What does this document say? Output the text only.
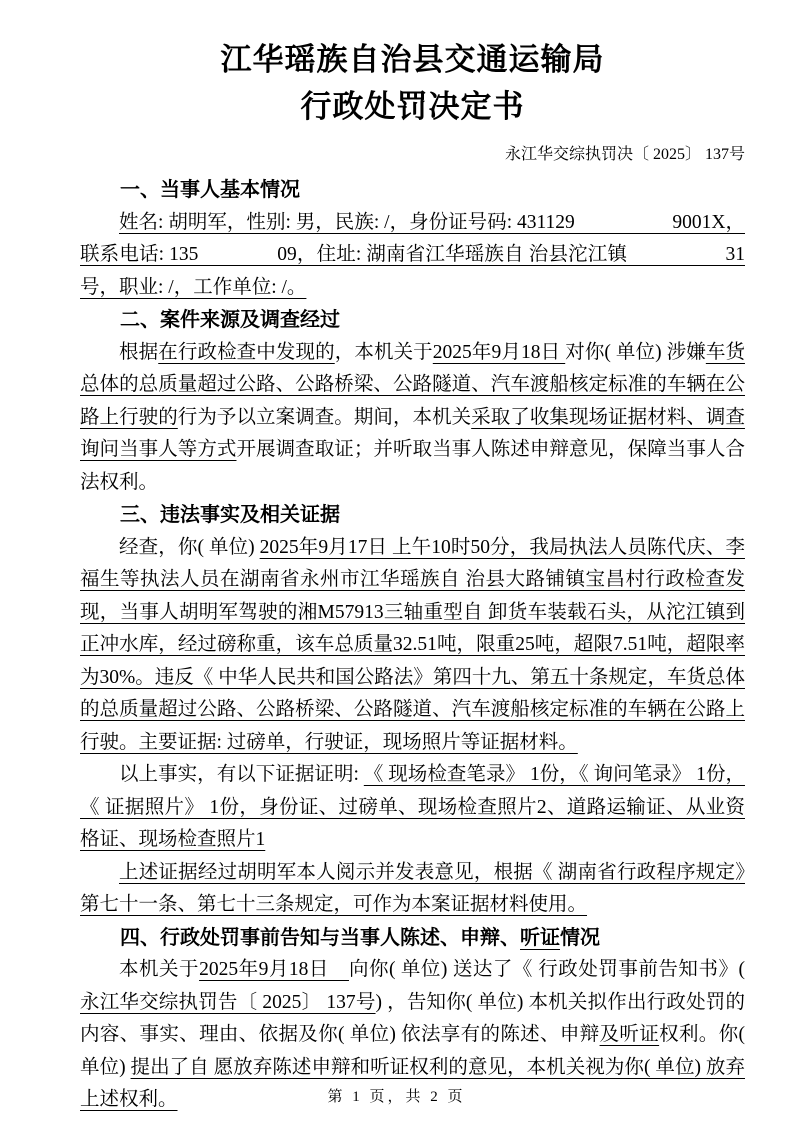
江华瑶族自治县交通运输局
行政处罚决定书
永江华交综执罚决〔 2025〕 137号
一、当事人基本情况

姓名: 胡明军，性别: 男，民族: /，身份证号码: 431129　　　　　9001X，联系电话: 135　　　　09，住址: 湖南省江华瑶族自 治县沱江镇　　　　　31号，职业: /，工作单位: /。

二、案件来源及调查经过

根据在行政检查中发现的，本机关于2025年9月18日 对你( 单位) 涉嫌车货总体的总质量超过公路、公路桥梁、公路隧道、汽车渡船核定标准的车辆在公路上行驶的行为予以立案调查。期间，本机关采取了收集现场证据材料、调查询问当事人等方式开展调查取证；并听取当事人陈述申辩意见，保障当事人合法权利。

三、违法事实及相关证据

经查，你( 单位) 2025年9月17日 上午10时50分，我局执法人员陈代庆、李福生等执法人员在湖南省永州市江华瑶族自 治县大路铺镇宝昌村行政检查发现，当事人胡明军驾驶的湘M57913三轴重型自 卸货车装载石头，从沱江镇到正冲水库，经过磅称重，该车总质量32.51吨，限重25吨，超限7.51吨，超限率为30%。违反《 中华人民共和国公路法》第四十九、第五十条规定，车货总体的总质量超过公路、公路桥梁、公路隧道、汽车渡船核定标准的车辆在公路上行驶。主要证据: 过磅单，行驶证，现场照片等证据材料。

以上事实，有以下证据证明: 《 现场检查笔录》 1份，《 询问笔录》 1份，《 证据照片》 1份，身份证、过磅单、现场检查照片2、道路运输证、从业资格证、现场检查照片1

上述证据经过胡明军本人阅示并发表意见，根据《 湖南省行政程序规定》第七十一条、第七十三条规定，可作为本案证据材料使用。

四、行政处罚事前告知与当事人陈述、申辩、听证情况

本机关于2025年9月18日　向你( 单位) 送达了《 行政处罚事前告知书》( 永江华交综执罚告〔 2025〕 137号) ，告知你( 单位) 本机关拟作出行政处罚的内容、事实、理由、依据及你( 单位) 依法享有的陈述、申辩及听证权利。你( 单位) 提出了自 愿放弃陈述申辩和听证权利的意见，本机关视为你( 单位) 放弃上述权利。	第 1 页，共 2 页
